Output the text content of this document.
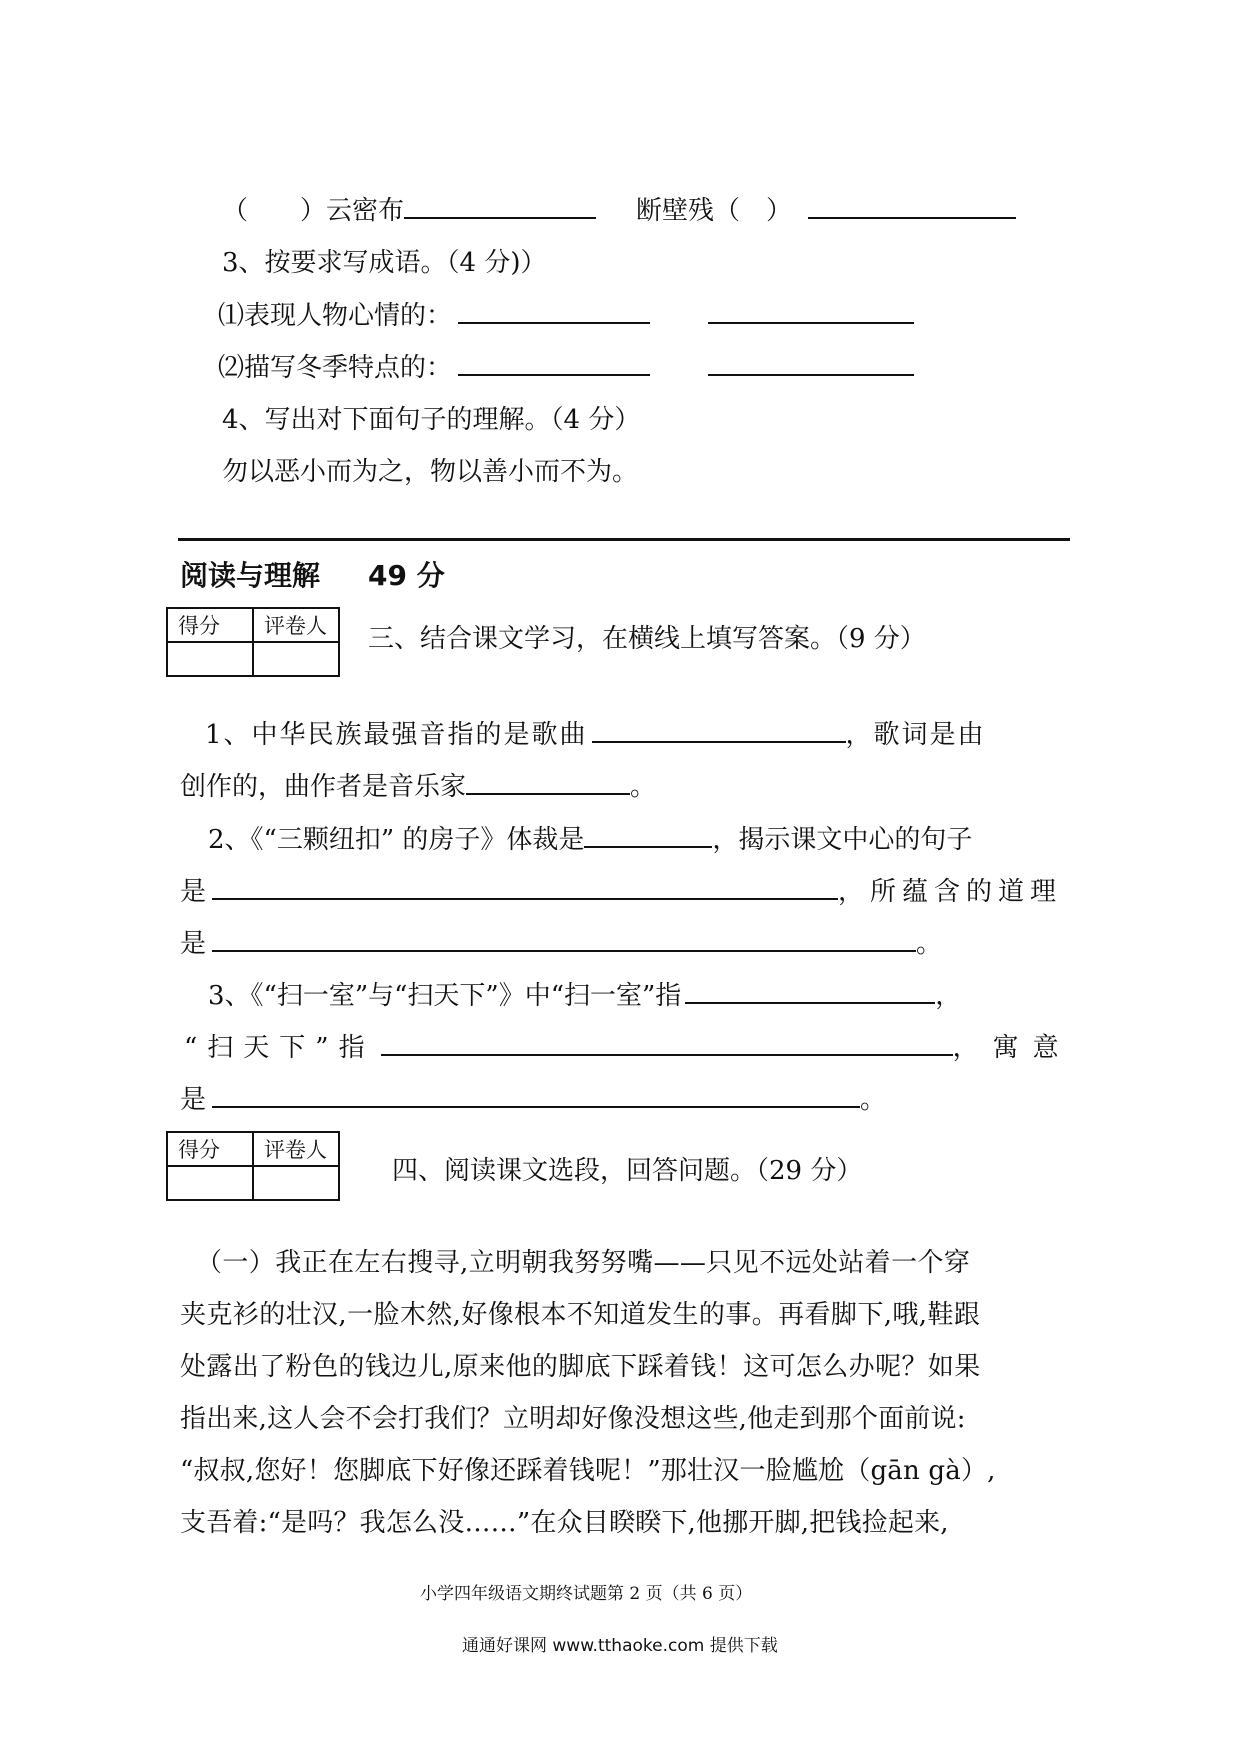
（　　）云密布	断壁残（　）
3、按要求写成语。（4 分)）
⑴表现人物心情的：
⑵描写冬季特点的：
4、写出对下面句子的理解。（4 分）
勿以恶小而为之，物以善小而不为。
阅读与理解 49 分
得分	评卷人
	三、结合课文学习，在横线上填写答案。（9 分）
1、中华民族最强音指的是歌曲	，歌词是由
创作的，曲作者是音乐家	。
2、《“三颗纽扣” 的房子》体裁是	，揭示课文中心的句子
是	，所蕴含的道理
是	。
3、《“扫一室”与“扫天下”》中“扫一室”指	，
“扫天下”指	，寓意
是	。
得分	评卷人

四、阅读课文选段，回答问题。（29 分）
（一）我正在左右搜寻,立明朝我努努嘴——只见不远处站着一个穿
夹克衫的壮汉,一脸木然,好像根本不知道发生的事。再看脚下,哦,鞋跟
处露出了粉色的钱边儿,原来他的脚底下踩着钱！这可怎么办呢？如果
指出来,这人会不会打我们？立明却好像没想这些,他走到那个面前说:
“叔叔,您好！您脚底下好像还踩着钱呢！”那壮汉一脸尴尬（gān gà）,
支吾着:“是吗？我怎么没……”在众目睽睽下,他挪开脚,把钱捡起来,
小学四年级语文期终试题第 2 页（共 6 页）
通通好课网 www.tthaoke.com 提供下载
